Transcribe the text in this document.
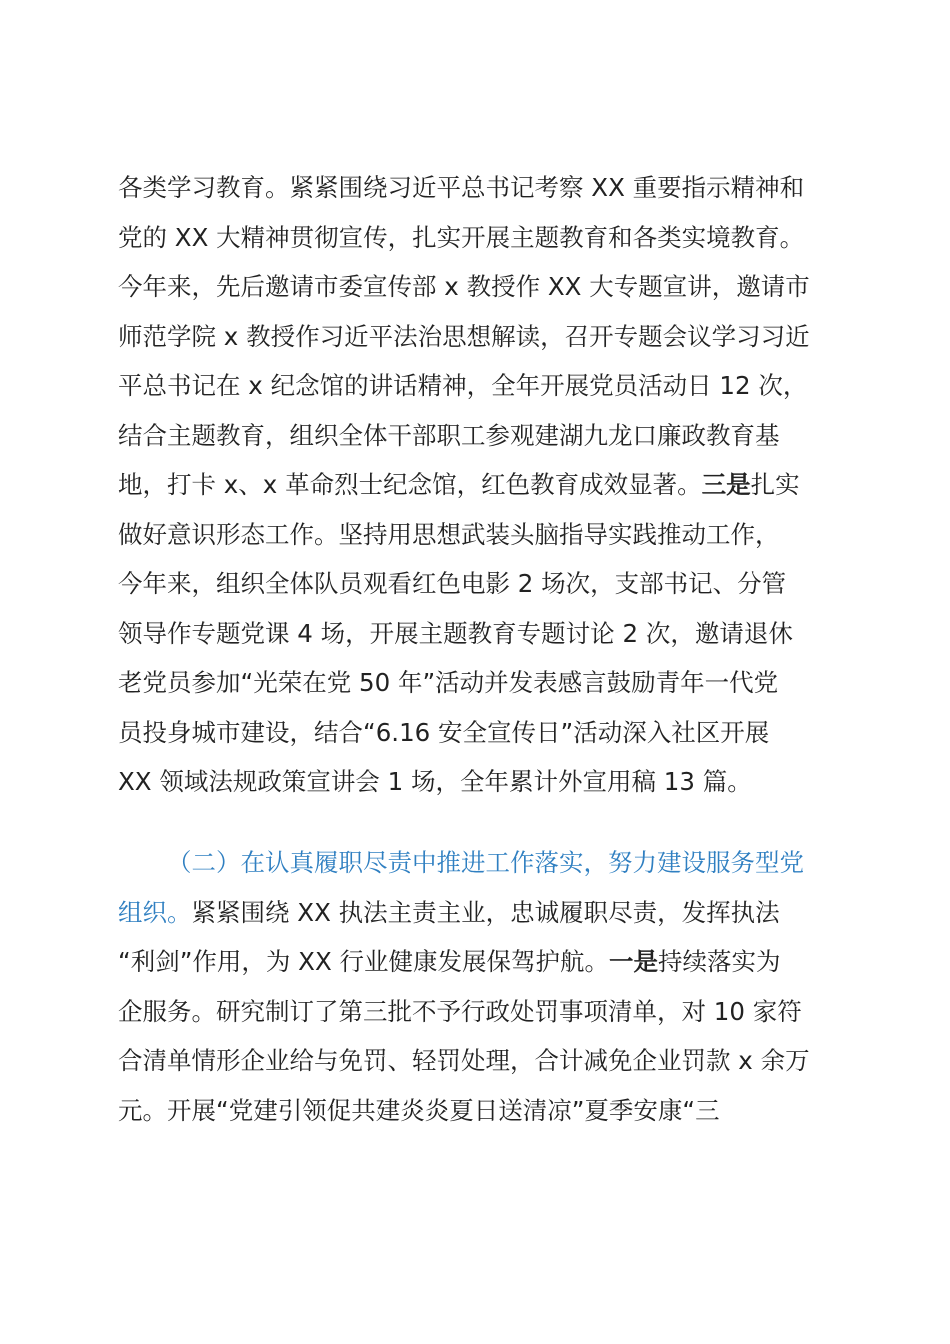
各类学习教育。紧紧围绕习近平总书记考察 XX 重要指示精神和
党的 XX 大精神贯彻宣传，扎实开展主题教育和各类实境教育。
今年来，先后邀请市委宣传部 x 教授作 XX 大专题宣讲，邀请市
师范学院 x 教授作习近平法治思想解读，召开专题会议学习习近
平总书记在 x 纪念馆的讲话精神，全年开展党员活动日 12 次，
结合主题教育，组织全体干部职工参观建湖九龙口廉政教育基
地，打卡 x、x 革命烈士纪念馆，红色教育成效显著。三是扎实
做好意识形态工作。坚持用思想武装头脑指导实践推动工作，
今年来，组织全体队员观看红色电影 2 场次，支部书记、分管
领导作专题党课 4 场，开展主题教育专题讨论 2 次，邀请退休
老党员参加“光荣在党 50 年”活动并发表感言鼓励青年一代党
员投身城市建设，结合“6.16 安全宣传日”活动深入社区开展
XX 领域法规政策宣讲会 1 场，全年累计外宣用稿 13 篇。
（二）在认真履职尽责中推进工作落实，努力建设服务型党
组织。紧紧围绕 XX 执法主责主业，忠诚履职尽责，发挥执法
“利剑”作用，为 XX 行业健康发展保驾护航。一是持续落实为
企服务。研究制订了第三批不予行政处罚事项清单，对 10 家符
合清单情形企业给与免罚、轻罚处理，合计减免企业罚款 x 余万
元。开展“党建引领促共建炎炎夏日送清凉”夏季安康“三
